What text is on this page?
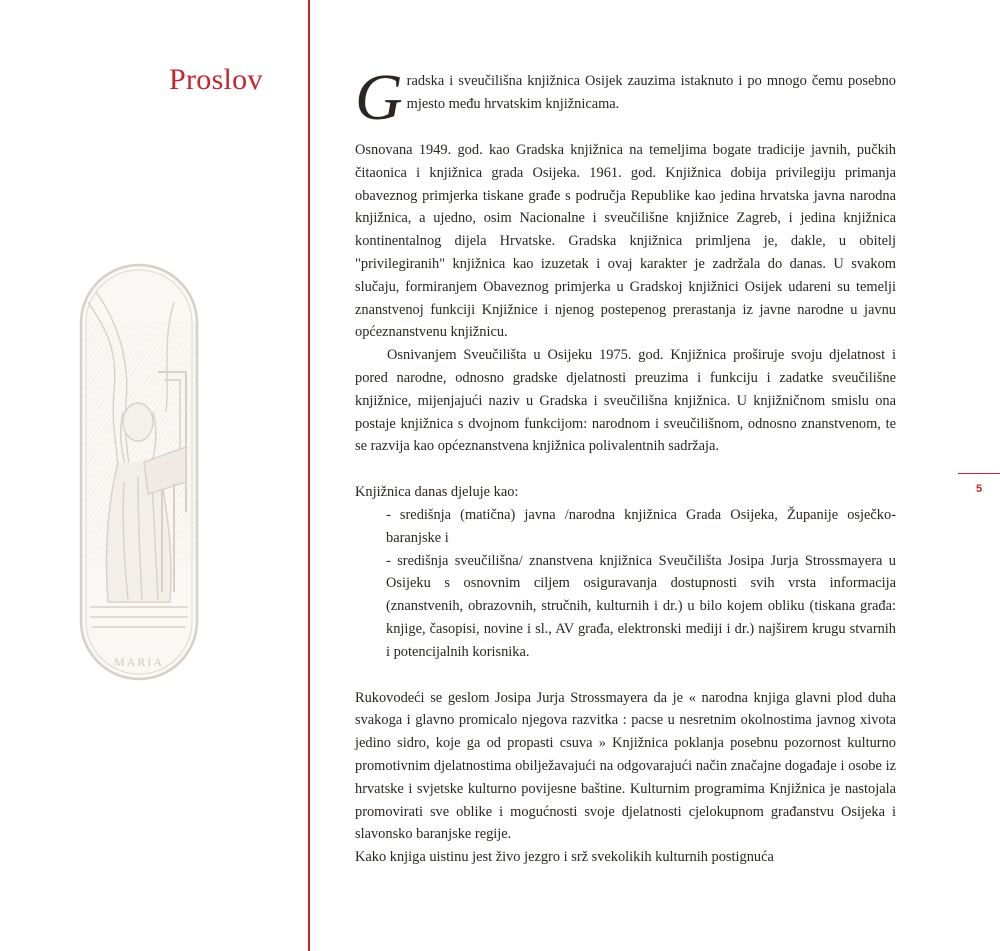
Proslov
MARIA
5

Gradska i sveučilišna knjižnica Osijek zauzima istaknuto i po mnogo čemu posebno mjesto među hrvatskim knjižnicama.

Osnovana 1949. god. kao Gradska knjižnica na temeljima bogate tradicije javnih, pučkih čitaonica i knjižnica grada Osijeka. 1961. god. Knjižnica dobija privilegiju primanja obaveznog primjerka tiskane građe s područja Republike kao jedina hrvatska javna narodna knjižnica, a ujedno, osim Nacionalne i sveučilišne knjižnice Zagreb, i jedina knjižnica kontinentalnog dijela Hrvatske. Gradska knjižnica primljena je, dakle, u obitelj "privilegiranih" knjižnica kao izuzetak i ovaj karakter je zadržala do danas. U svakom slučaju, formiranjem Obaveznog primjerka u Gradskoj knjižnici Osijek udareni su temelji znanstvenoj funkciji Knjižnice i njenog postepenog prerastanja iz javne narodne u javnu općeznanstvenu knjižnicu.

Osnivanjem Sveučilišta u Osijeku 1975. god. Knjižnica proširuje svoju djelatnost i pored narodne, odnosno gradske djelatnosti preuzima i funkciju i zadatke sveučilišne knjižnice, mijenjajući naziv u Gradska i sveučilišna knjižnica. U knjižničnom smislu ona postaje knjižnica s dvojnom funkcijom: narodnom i sveučilišnom, odnosno znanstvenom, te se razvija kao općeznanstvena knjižnica polivalentnih sadržaja.

Knjižnica danas djeluje kao:

- središnja (matična) javna /narodna knjižnica Grada Osijeka, Županije osječko-baranjske i
- središnja sveučilišna/ znanstvena knjižnica Sveučilišta Josipa Jurja Strossmayera u Osijeku s osnovnim ciljem osiguravanja dostupnosti svih vrsta informacija (znanstvenih, obrazovnih, stručnih, kulturnih i dr.) u bilo kojem obliku (tiskana građa: knjige, časopisi, novine i sl., AV građa, elektronski mediji i dr.) najširem krugu stvarnih i potencijalnih korisnika.

Rukovodeći se geslom Josipa Jurja Strossmayera da je « narodna knjiga glavni plod duha svakoga i glavno promicalo njegova razvitka : pacse u nesretnim okolnostima javnog xivota jedino sidro, koje ga od propasti csuva » Knjižnica poklanja posebnu pozornost kulturno promotivnim djelatnostima obilježavajući na odgovarajući način značajne događaje i osobe iz hrvatske i svjetske kulturno povijesne baštine. Kulturnim programima Knjižnica je nastojala promovirati sve oblike i mogućnosti svoje djelatnosti cjelokupnom građanstvu Osijeka i slavonsko baranjske regije.

Kako knjiga uistinu jest živo jezgro i srž svekolikih kulturnih postignuća
